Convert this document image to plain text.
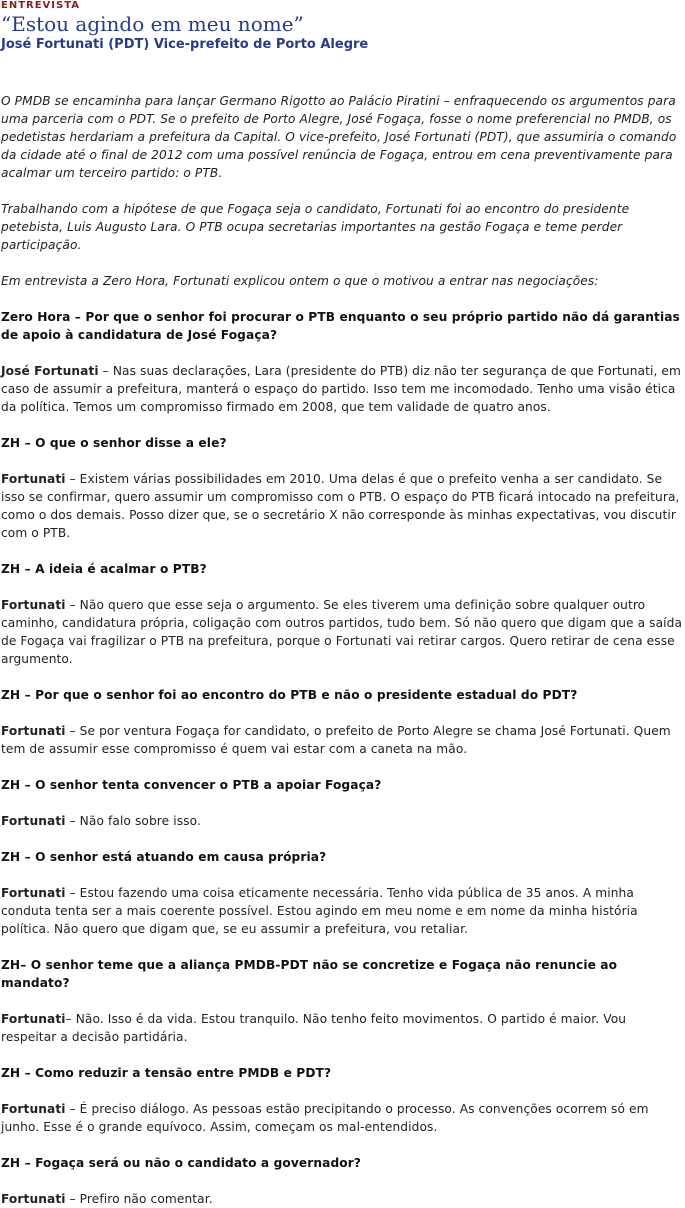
ENTREVISTA
“Estou agindo em meu nome”
José Fortunati (PDT) Vice-prefeito de Porto Alegre

O PMDB se encaminha para lançar Germano Rigotto ao Palácio Piratini – enfraquecendo os argumentos para uma parceria com o PDT. Se o prefeito de Porto Alegre, José Fogaça, fosse o nome preferencial no PMDB, os pedetistas herdariam a prefeitura da Capital. O vice-prefeito, José Fortunati (PDT), que assumiria o comando da cidade até o final de 2012 com uma possível renúncia de Fogaça, entrou em cena preventivamente para acalmar um terceiro partido: o PTB.

Trabalhando com a hipótese de que Fogaça seja o candidato, Fortunati foi ao encontro do presidente petebista, Luis Augusto Lara. O PTB ocupa secretarias importantes na gestão Fogaça e teme perder participação.

Em entrevista a Zero Hora, Fortunati explicou ontem o que o motivou a entrar nas negociações:

Zero Hora – Por que o senhor foi procurar o PTB enquanto o seu próprio partido não dá garantias de apoio à candidatura de José Fogaça?

José Fortunati – Nas suas declarações, Lara (presidente do PTB) diz não ter segurança de que Fortunati, em caso de assumir a prefeitura, manterá o espaço do partido. Isso tem me incomodado. Tenho uma visão ética da política. Temos um compromisso firmado em 2008, que tem validade de quatro anos.

ZH – O que o senhor disse a ele?

Fortunati – Existem várias possibilidades em 2010. Uma delas é que o prefeito venha a ser candidato. Se isso se confirmar, quero assumir um compromisso com o PTB. O espaço do PTB ficará intocado na prefeitura, como o dos demais. Posso dizer que, se o secretário X não corresponde às minhas expectativas, vou discutir com o PTB.

ZH – A ideia é acalmar o PTB?

Fortunati – Não quero que esse seja o argumento. Se eles tiverem uma definição sobre qualquer outro caminho, candidatura própria, coligação com outros partidos, tudo bem. Só não quero que digam que a saída de Fogaça vai fragilizar o PTB na prefeitura, porque o Fortunati vai retirar cargos. Quero retirar de cena esse argumento.

ZH – Por que o senhor foi ao encontro do PTB e não o presidente estadual do PDT?

Fortunati – Se por ventura Fogaça for candidato, o prefeito de Porto Alegre se chama José Fortunati. Quem tem de assumir esse compromisso é quem vai estar com a caneta na mão.

ZH – O senhor tenta convencer o PTB a apoiar Fogaça?

Fortunati – Não falo sobre isso.

ZH – O senhor está atuando em causa própria?

Fortunati – Estou fazendo uma coisa eticamente necessária. Tenho vida pública de 35 anos. A minha conduta tenta ser a mais coerente possível. Estou agindo em meu nome e em nome da minha história política. Não quero que digam que, se eu assumir a prefeitura, vou retaliar.

ZH– O senhor teme que a aliança PMDB-PDT não se concretize e Fogaça não renuncie ao mandato?

Fortunati– Não. Isso é da vida. Estou tranquilo. Não tenho feito movimentos. O partido é maior. Vou respeitar a decisão partidária.

ZH – Como reduzir a tensão entre PMDB e PDT?

Fortunati – É preciso diálogo. As pessoas estão precipitando o processo. As convenções ocorrem só em junho. Esse é o grande equívoco. Assim, começam os mal-entendidos.

ZH – Fogaça será ou não o candidato a governador?

Fortunati – Prefiro não comentar.
